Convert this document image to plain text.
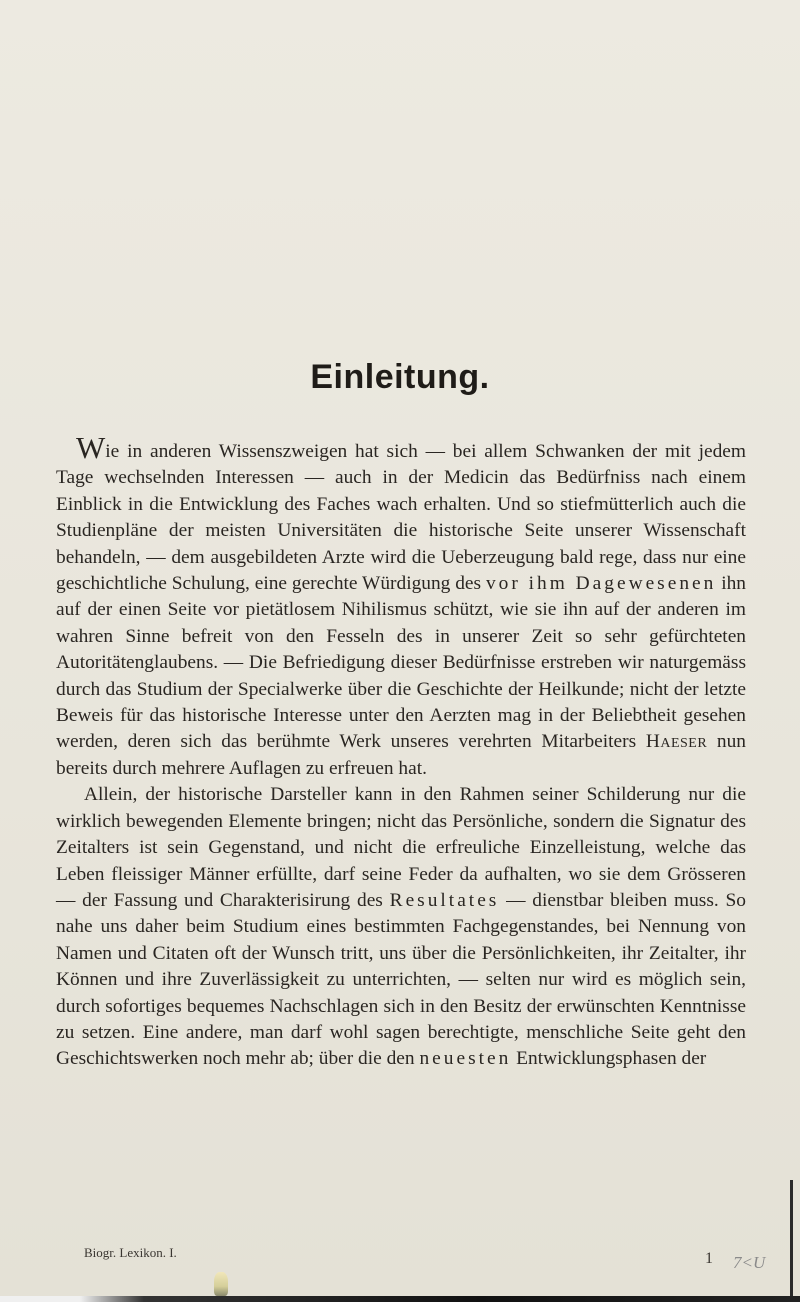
Einleitung.

Wie in anderen Wissenszweigen hat sich — bei allem Schwanken der mit jedem Tage wechselnden Interessen — auch in der Medicin das Bedürfniss nach einem Einblick in die Entwicklung des Faches wach erhalten. Und so stiefmütterlich auch die Studienpläne der meisten Universitäten die historische Seite unserer Wissenschaft behandeln, — dem ausgebildeten Arzte wird die Ueberzeugung bald rege, dass nur eine geschichtliche Schulung, eine gerechte Würdigung des vor ihm Dagewesenen ihn auf der einen Seite vor pietätlosem Nihilismus schützt, wie sie ihn auf der anderen im wahren Sinne befreit von den Fesseln des in unserer Zeit so sehr gefürchteten Autoritätenglaubens. — Die Befriedigung dieser Bedürfnisse erstreben wir naturgemäss durch das Studium der Specialwerke über die Geschichte der Heilkunde; nicht der letzte Beweis für das historische Interesse unter den Aerzten mag in der Beliebtheit gesehen werden, deren sich das berühmte Werk unseres verehrten Mitarbeiters Haeser nun bereits durch mehrere Auflagen zu erfreuen hat.

Allein, der historische Darsteller kann in den Rahmen seiner Schilderung nur die wirklich bewegenden Elemente bringen; nicht das Persönliche, sondern die Signatur des Zeitalters ist sein Gegenstand, und nicht die erfreuliche Einzelleistung, welche das Leben fleissiger Männer erfüllte, darf seine Feder da aufhalten, wo sie dem Grösseren — der Fassung und Charakterisirung des Resultates — dienstbar bleiben muss. So nahe uns daher beim Studium eines bestimmten Fachgegenstandes, bei Nennung von Namen und Citaten oft der Wunsch tritt, uns über die Persönlichkeiten, ihr Zeitalter, ihr Können und ihre Zuverlässigkeit zu unterrichten, — selten nur wird es möglich sein, durch sofortiges bequemes Nachschlagen sich in den Besitz der erwünschten Kenntnisse zu setzen. Eine andere, man darf wohl sagen berechtigte, menschliche Seite geht den Geschichtswerken noch mehr ab; über die den neuesten Entwicklungsphasen der

Biogr. Lexikon. I.	1 7<U
